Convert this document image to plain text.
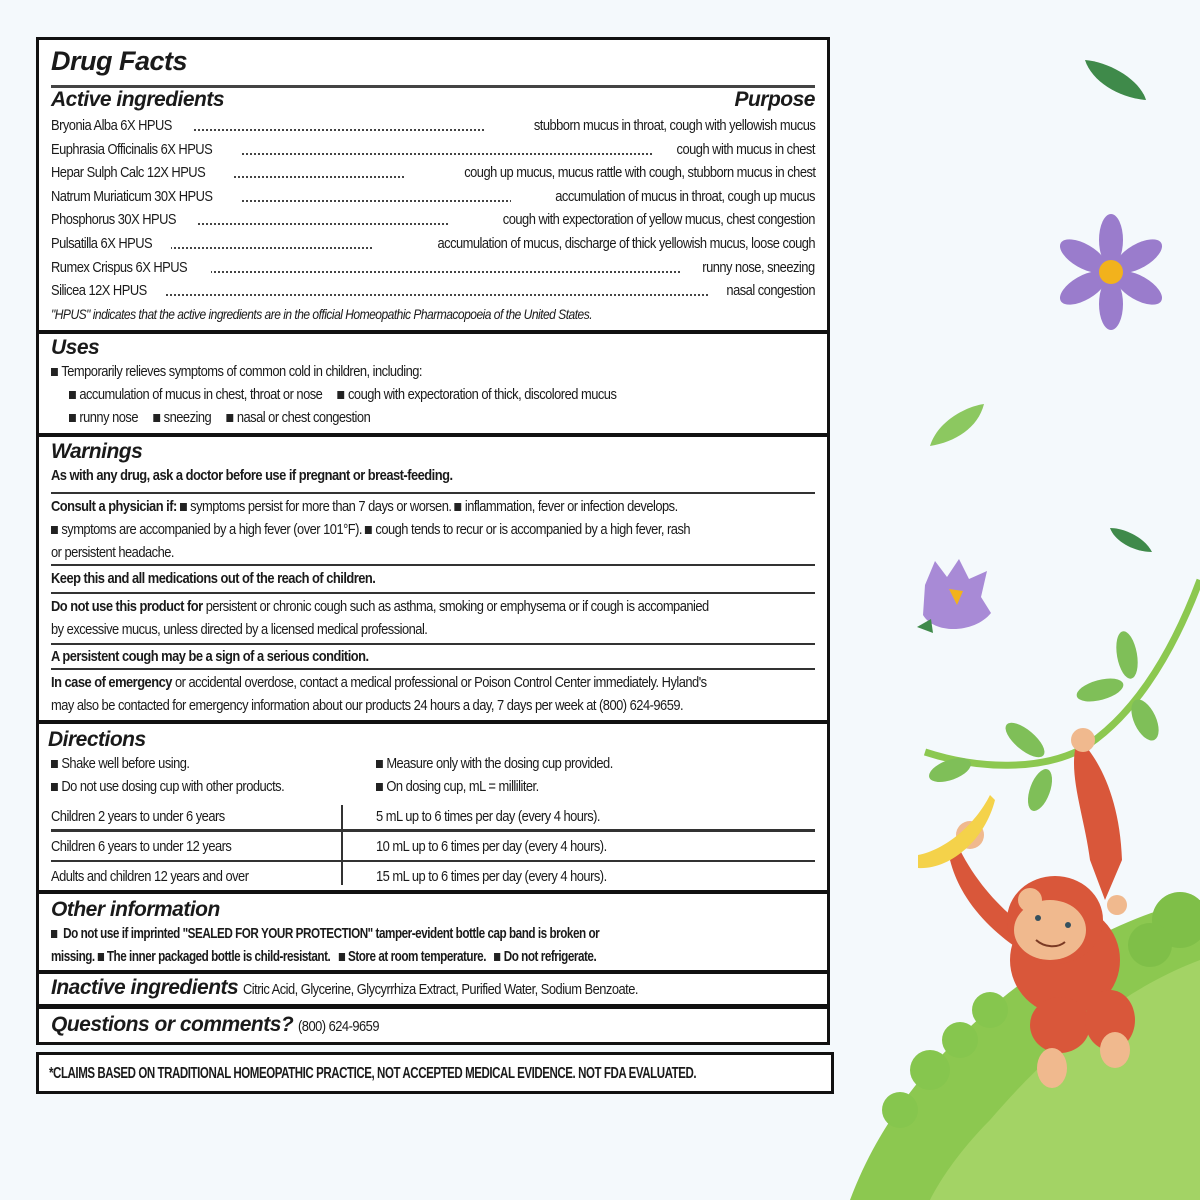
Drug Facts
Active ingredients	Purpose
Bryonia Alba 6X HPUS	stubborn mucus in throat, cough with yellowish mucus
Euphrasia Officinalis 6X HPUS	cough with mucus in chest
Hepar Sulph Calc 12X HPUS	cough up mucus, mucus rattle with cough, stubborn mucus in chest
Natrum Muriaticum 30X HPUS	accumulation of mucus in throat, cough up mucus
Phosphorus 30X HPUS	cough with expectoration of yellow mucus, chest congestion
Pulsatilla 6X HPUS	accumulation of mucus, discharge of thick yellowish mucus, loose cough
Rumex Crispus 6X HPUS	runny nose, sneezing
Silicea 12X HPUS	nasal congestion
"HPUS" indicates that the active ingredients are in the official Homeopathic Pharmacopoeia of the United States.
Uses
Temporarily relieves symptoms of common cold in children, including:
accumulation of mucus in chest, throat or nose cough with expectoration of thick, discolored mucus
runny nose sneezing nasal or chest congestion
Warnings
As with any drug, ask a doctor before use if pregnant or breast-feeding.
Consult a physician if: symptoms persist for more than 7 days or worsen. inflammation, fever or infection develops.
symptoms are accompanied by a high fever (over 101°F). cough tends to recur or is accompanied by a high fever, rash
or persistent headache.
Keep this and all medications out of the reach of children.
Do not use this product for persistent or chronic cough such as asthma, smoking or emphysema or if cough is accompanied
by excessive mucus, unless directed by a licensed medical professional.
A persistent cough may be a sign of a serious condition.
In case of emergency or accidental overdose, contact a medical professional or Poison Control Center immediately. Hyland's
may also be contacted for emergency information about our products 24 hours a day, 7 days per week at (800) 624-9659.
Directions
Shake well before using.
Do not use dosing cup with other products.
Measure only with the dosing cup provided.
On dosing cup, mL = milliliter.
Children 2 years to under 6 years	5 mL up to 6 times per day (every 4 hours).
Children 6 years to under 12 years	10 mL up to 6 times per day (every 4 hours).
Adults and children 12 years and over	15 mL up to 6 times per day (every 4 hours).
Other information
Do not use if imprinted "SEALED FOR YOUR PROTECTION" tamper-evident bottle cap band is broken or
missing. The inner packaged bottle is child-resistant. Store at room temperature. Do not refrigerate.
Inactive ingredients Citric Acid, Glycerine, Glycyrrhiza Extract, Purified Water, Sodium Benzoate.
Questions or comments? (800) 624-9659
*CLAIMS BASED ON TRADITIONAL HOMEOPATHIC PRACTICE, NOT ACCEPTED MEDICAL EVIDENCE. NOT FDA EVALUATED.
